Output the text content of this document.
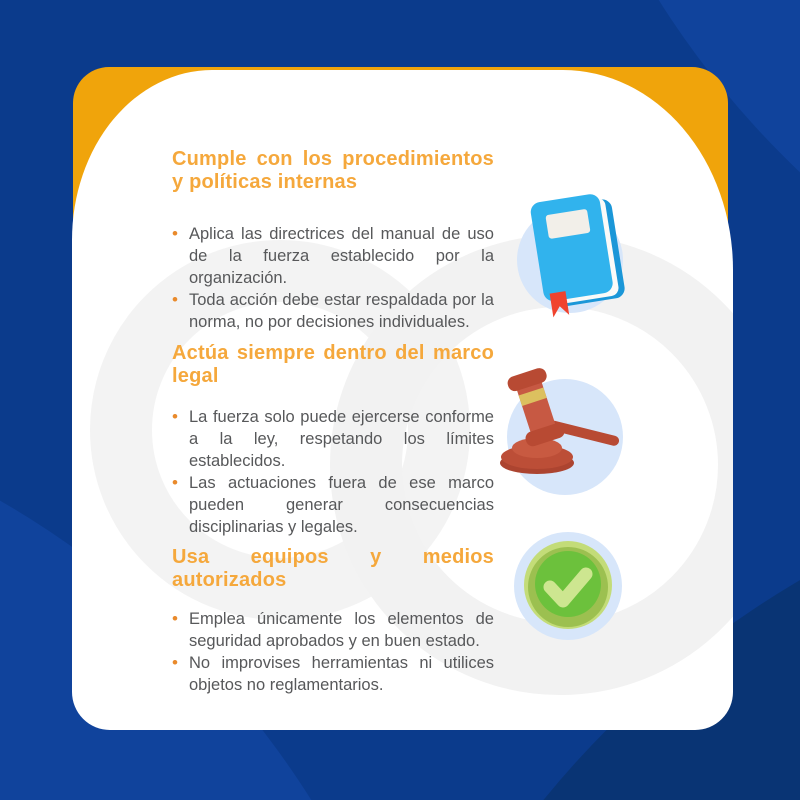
Cumple con los procedimientos y políticas internas
• Aplica las directrices del manual de uso de la fuerza establecido por la organización.
• Toda acción debe estar respaldada por la norma, no por decisiones individuales.
Actúa siempre dentro del marco legal
• La fuerza solo puede ejercerse conforme a la ley, respetando los límites establecidos.
• Las actuaciones fuera de ese marco pueden generar consecuencias disciplinarias y legales.
Usa equipos y medios autorizados
• Emplea únicamente los elementos de seguridad aprobados y en buen estado.
• No improvises herramientas ni utilices objetos no reglamentarios.
